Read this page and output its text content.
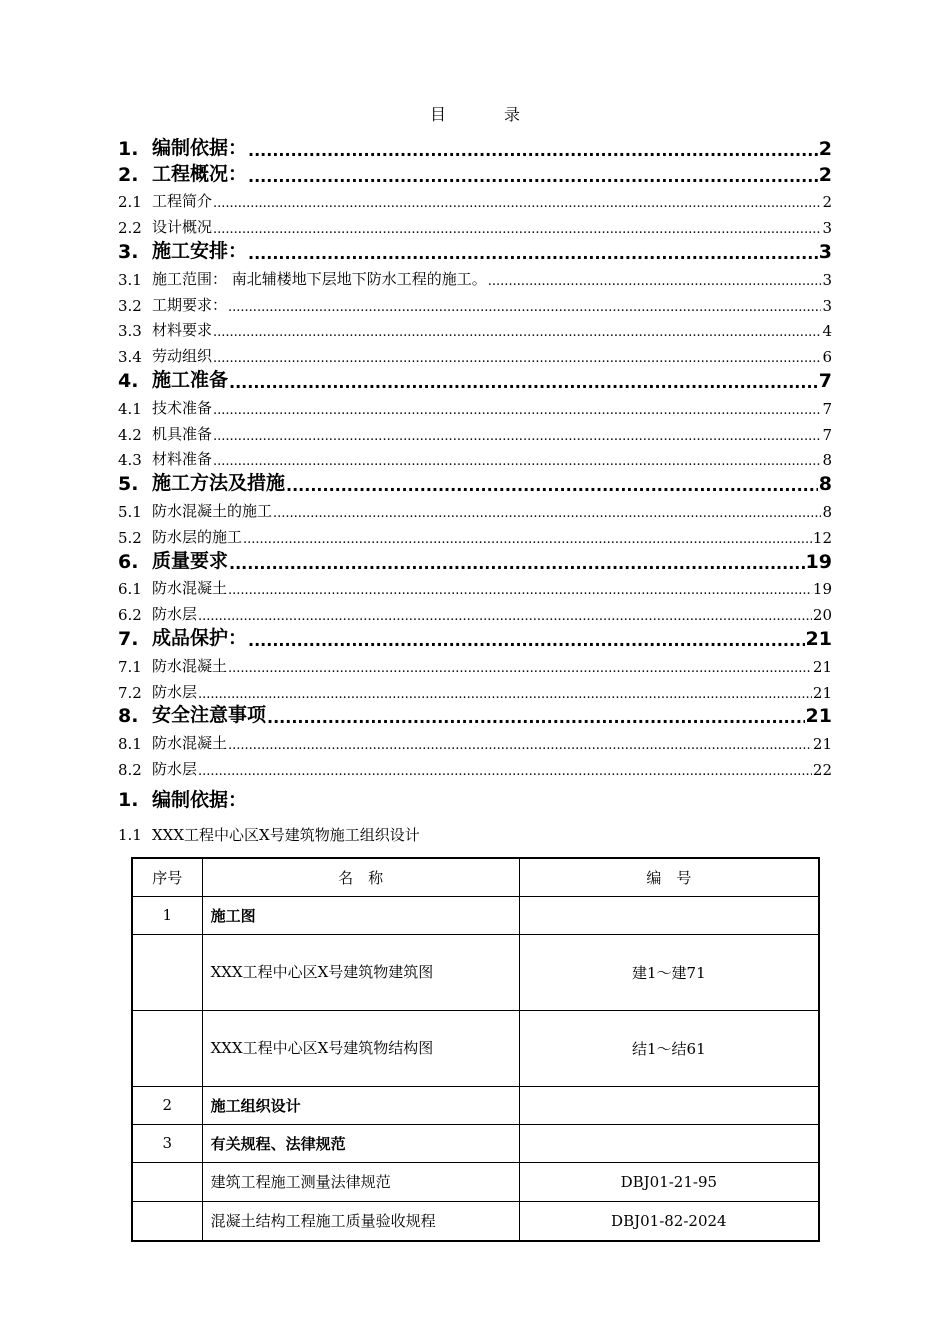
目	录
1. 编制依据： .....	2
2. 工程概况： .....	2
2.1 工程简介 .....	2
2.2 设计概况 .....	3
3. 施工安排： .....	3
3.1 施工范围： 南北辅楼地下层地下防水工程的施工。 .....	3
3.2 工期要求： .....	3
3.3 材料要求 .....	4
3.4 劳动组织 .....	6
4. 施工准备 .....	7
4.1 技术准备 .....	7
4.2 机具准备 .....	7
4.3 材料准备 .....	8
5. 施工方法及措施 .....	8
5.1 防水混凝土的施工 .....	8
5.2 防水层的施工 .....	12
6. 质量要求 .....	19
6.1 防水混凝土 .....	19
6.2 防水层 .....	20
7. 成品保护： .....	21
7.1 防水混凝土 .....	21
7.2 防水层 .....	21
8. 安全注意事项 .....	21
8.1 防水混凝土 .....	21
8.2 防水层 .....	22
1. 编制依据：
1.1 XXX工程中心区X号建筑物施工组织设计
序号	名　称	编　号
1	施工图	
	XXX工程中心区X号建筑物建筑图	建1～建71
	XXX工程中心区X号建筑物结构图	结1～结61
2	施工组织设计	
3	有关规程、法律规范	
	建筑工程施工测量法律规范	DBJ01-21-95
	混凝土结构工程施工质量验收规程	DBJ01-82-2024
